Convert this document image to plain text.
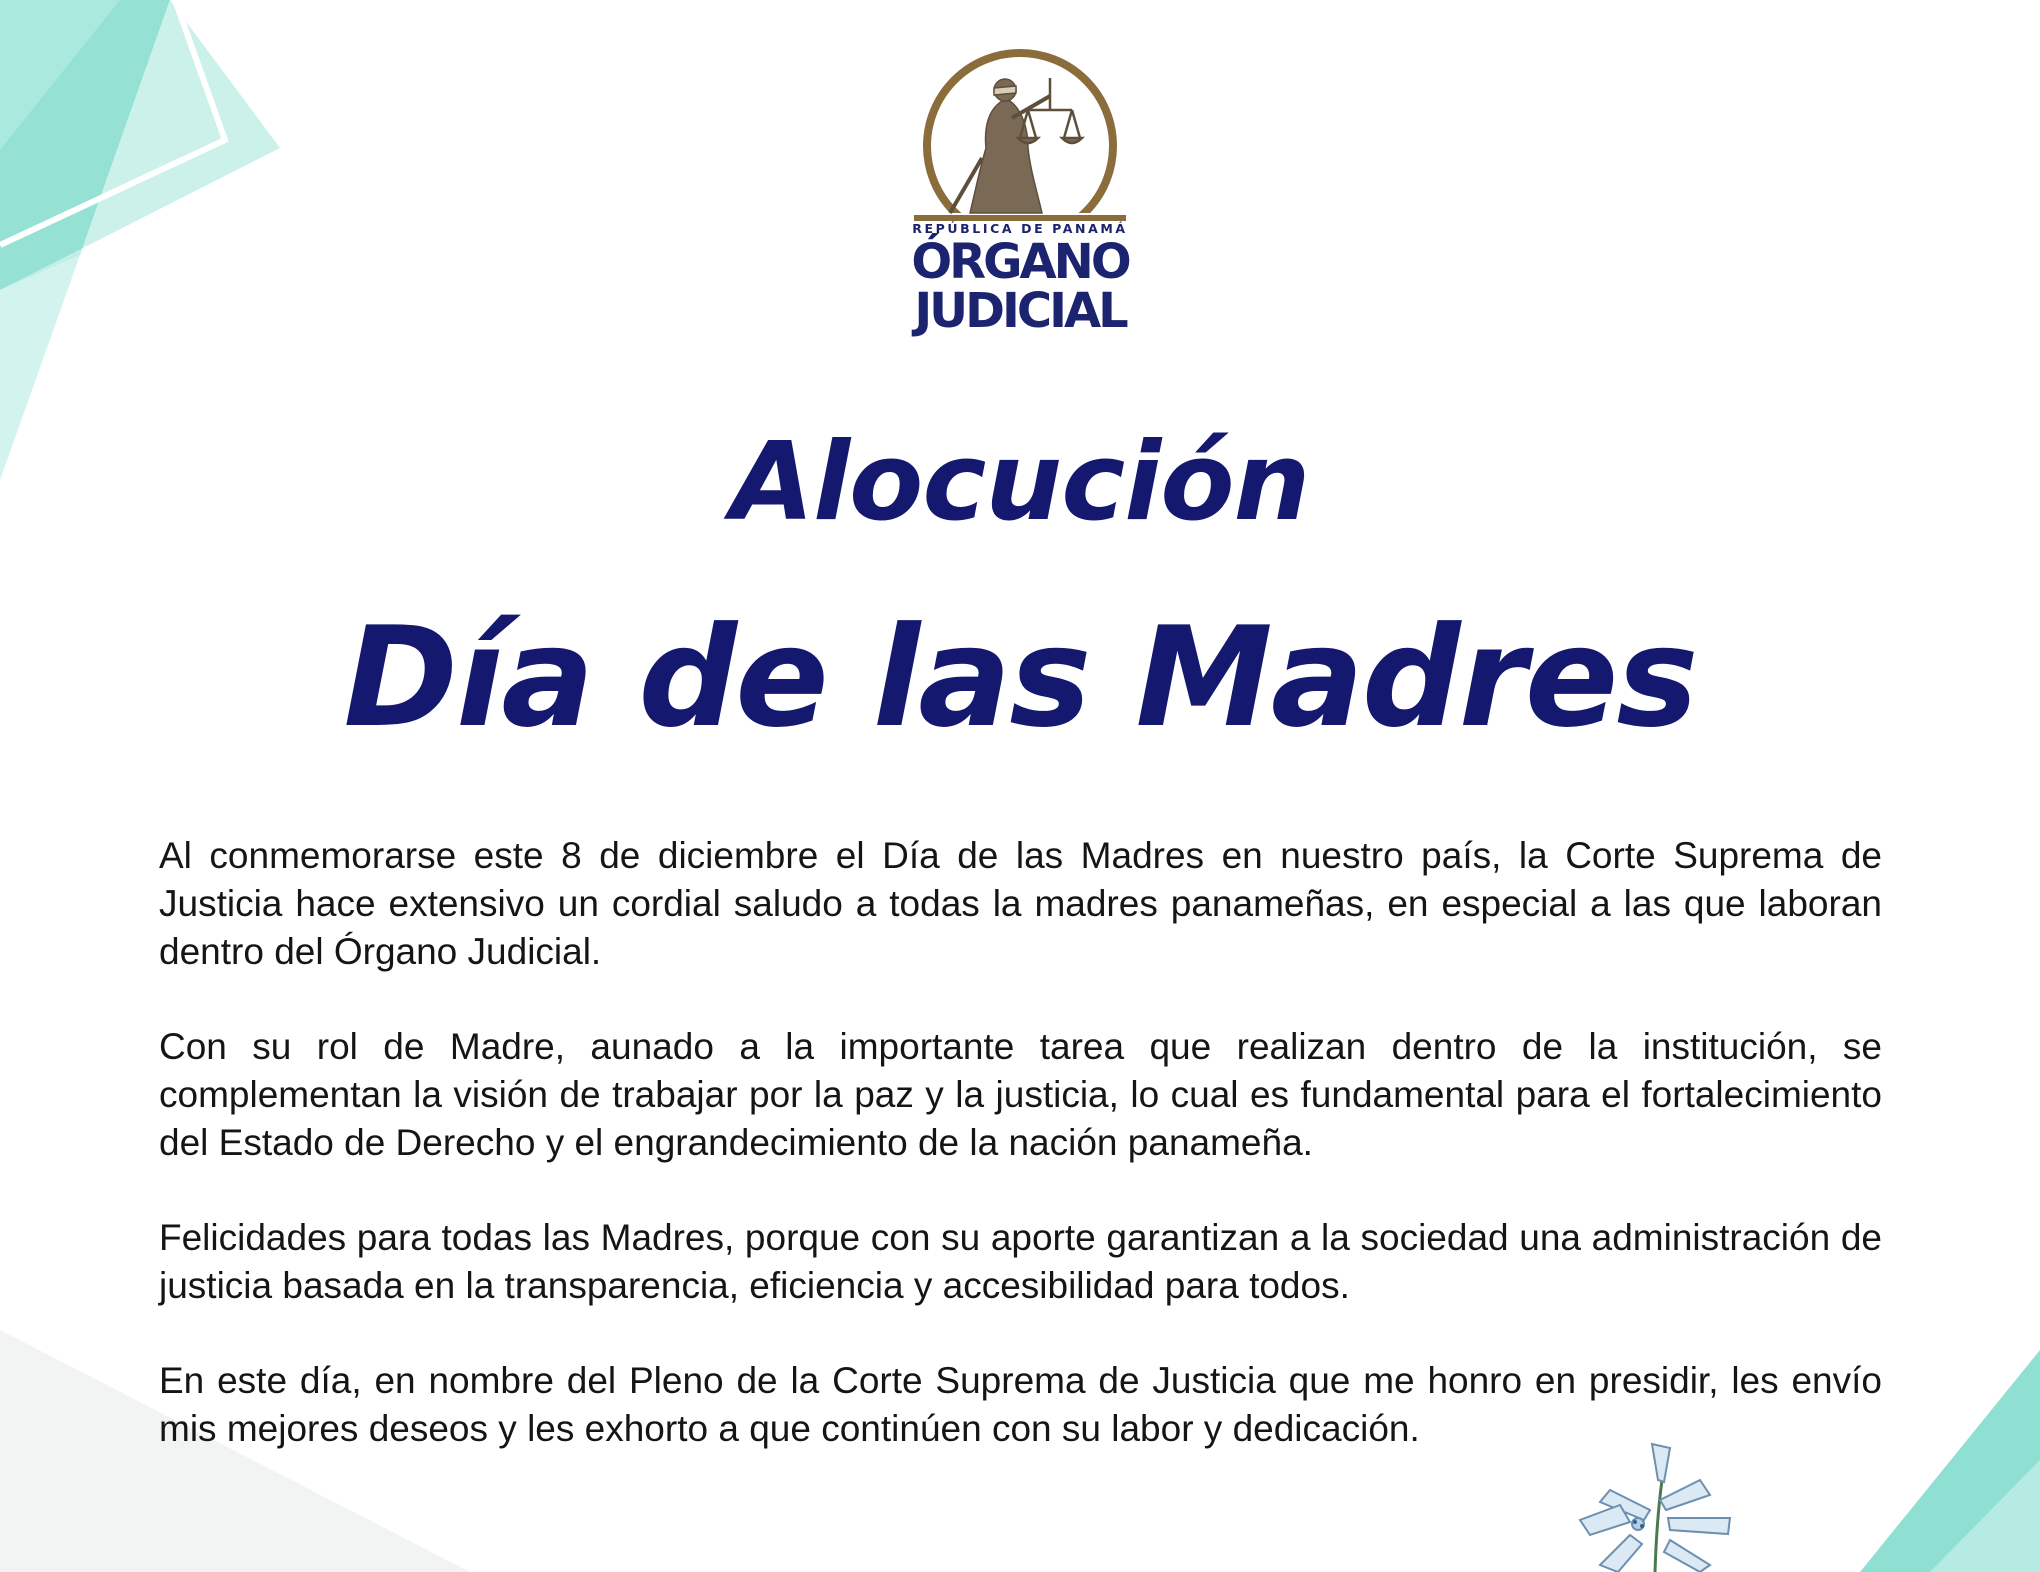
REPÚBLICA DE PANAMÁ
ÓRGANO
JUDICIAL
Alocución
Día de las Madres

Al conmemorarse este 8 de diciembre el Día de las Madres en nuestro país, la Corte Suprema de Justicia hace extensivo un cordial saludo a todas la madres panameñas, en especial a las que laboran dentro del Órgano Judicial.

Con su rol de Madre, aunado a la importante tarea que realizan dentro de la institución, se complementan la visión de trabajar por la paz y la justicia, lo cual es fundamental para el fortalecimiento del Estado de Derecho y el engrandecimiento de la nación panameña.

Felicidades para todas las Madres, porque con su aporte garantizan a la sociedad una administración de justicia basada en la transparencia, eficiencia y accesibilidad para todos.

En este día, en nombre del Pleno de la Corte Suprema de Justicia que me honro en presidir, les envío mis mejores deseos y les exhorto a que continúen con su labor y dedicación.
